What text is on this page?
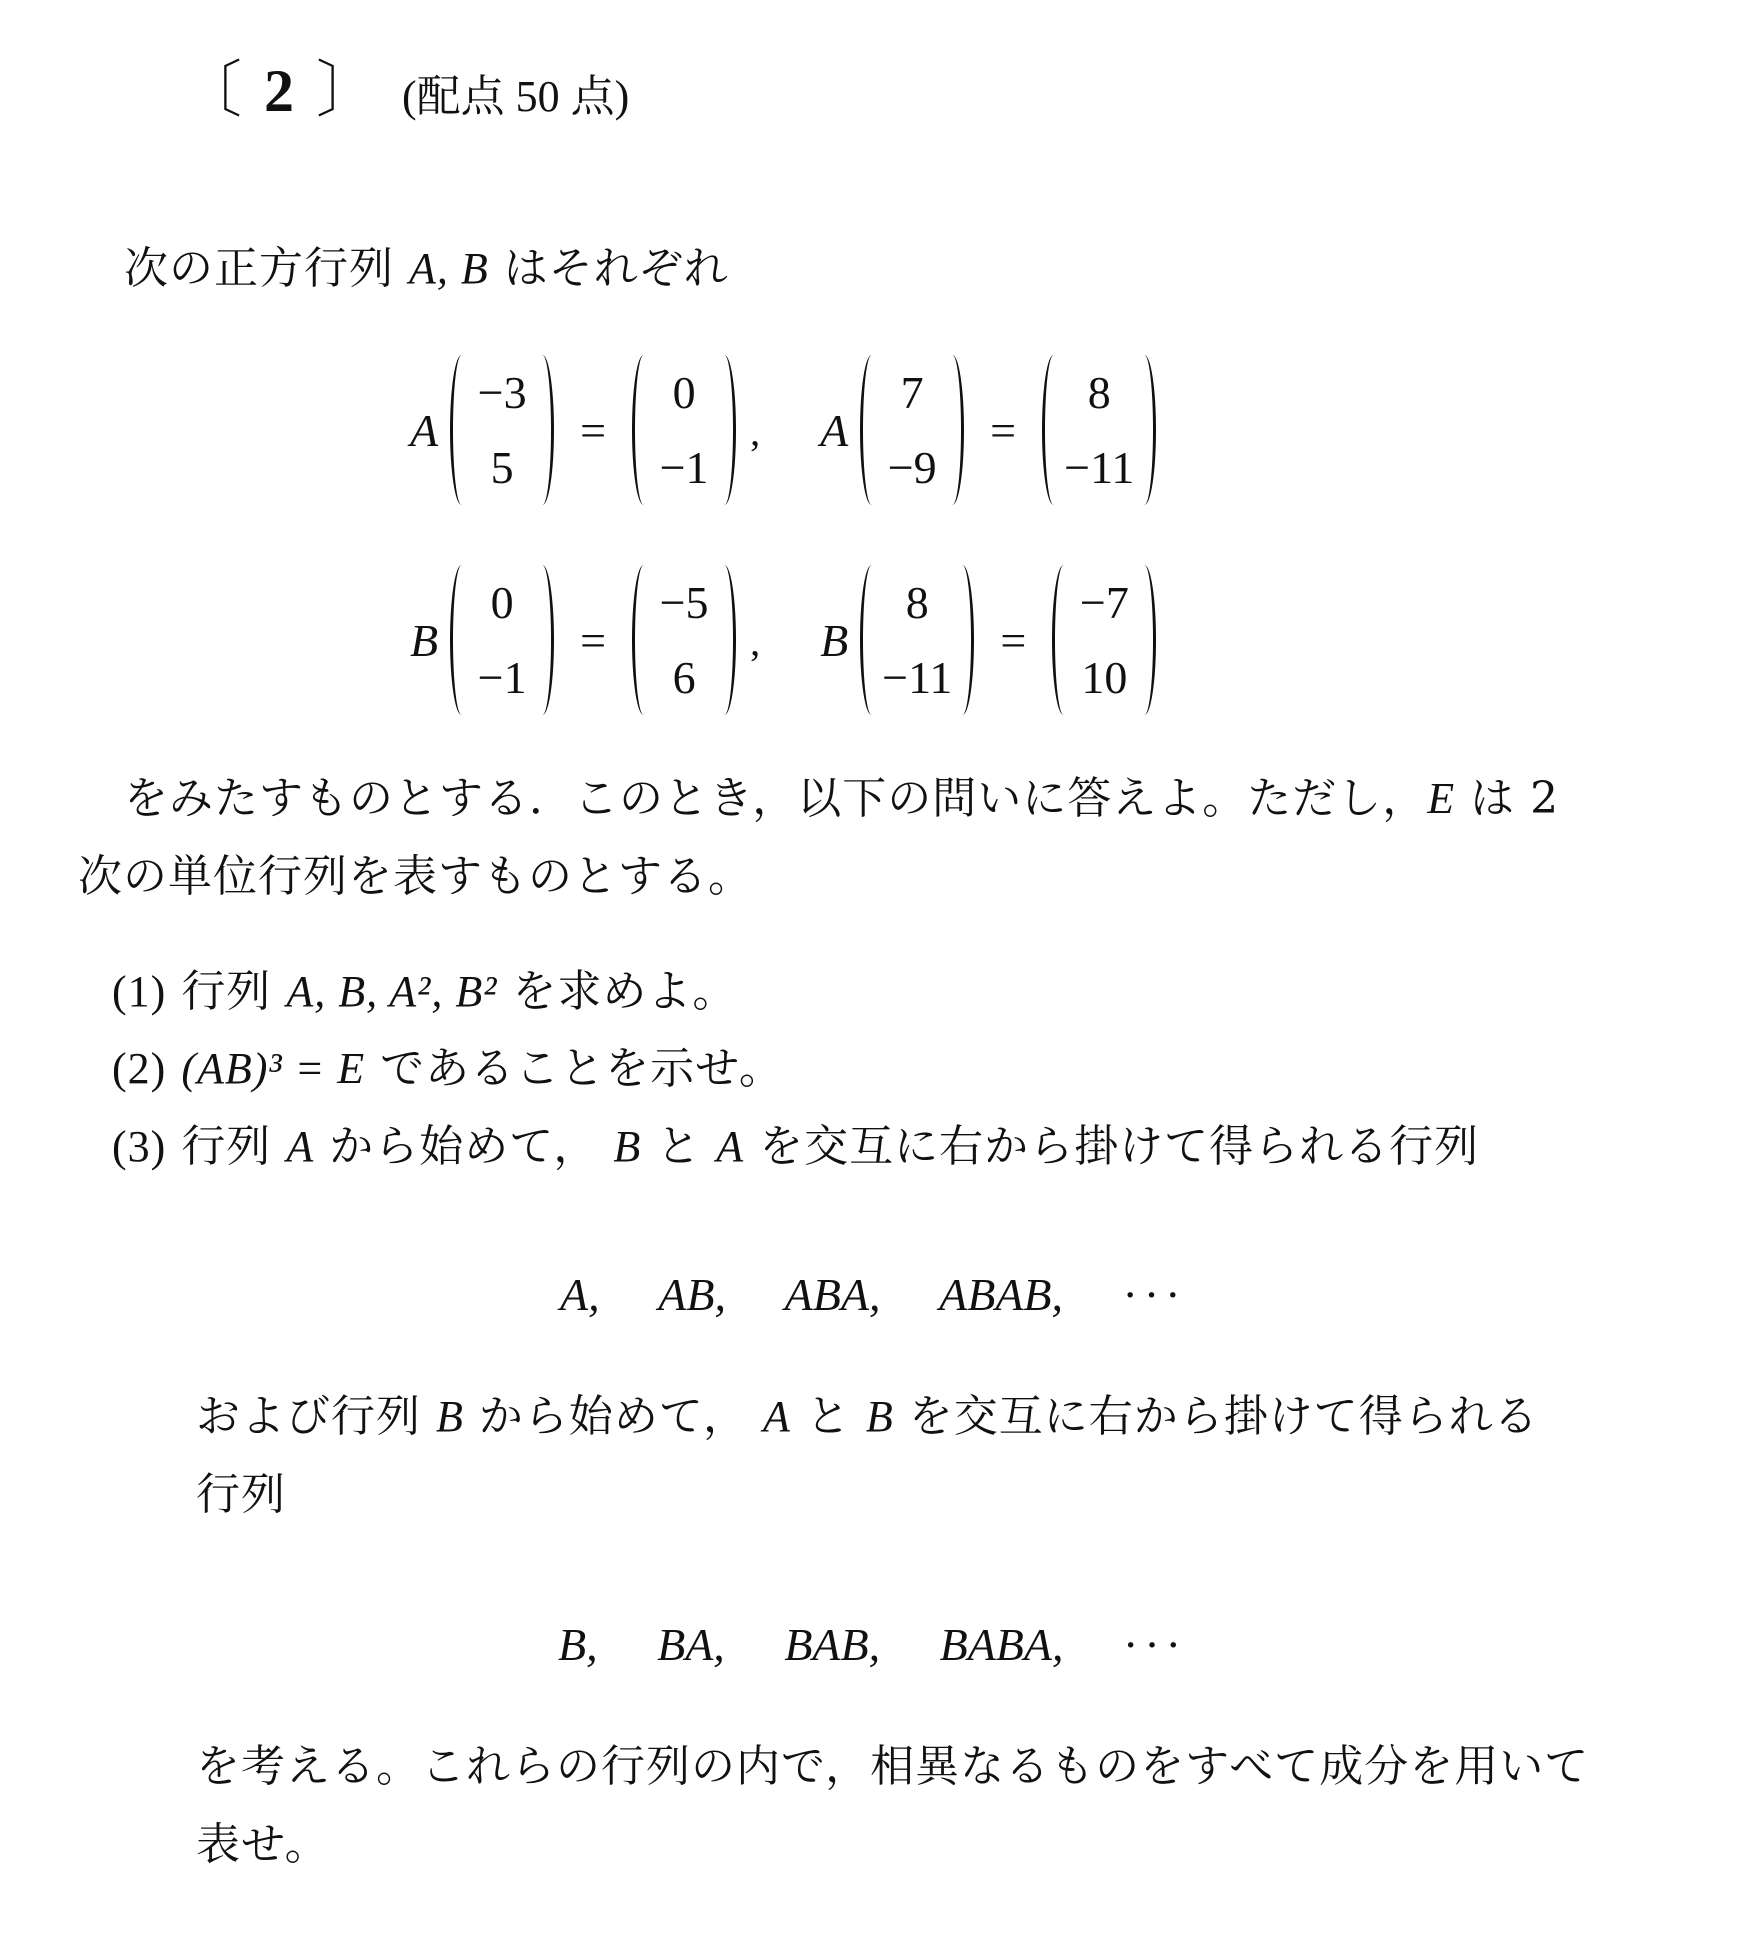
〔 2 〕 (配点 50 点)
次の正方行列 A, B はそれぞれ
A
−3
5
=
0
−1
, A
7
−9
=
8
−11
B
0
−1
=
−5
6
, B
8
−11
=
−7
10
をみたすものとする．このとき，以下の問いに答えよ。ただし，E は 2
次の単位行列を表すものとする。
(1) 行列 A, B, A², B² を求めよ。
(2) (AB)³ = E であることを示せ。
(3) 行列 A から始めて， B と A を交互に右から掛けて得られる行列
A, AB, ABA, ABAB, ···
および行列 B から始めて， A と B を交互に右から掛けて得られる
行列
B, BA, BAB, BABA, ···
を考える。これらの行列の内で，相異なるものをすべて成分を用いて
表せ。
